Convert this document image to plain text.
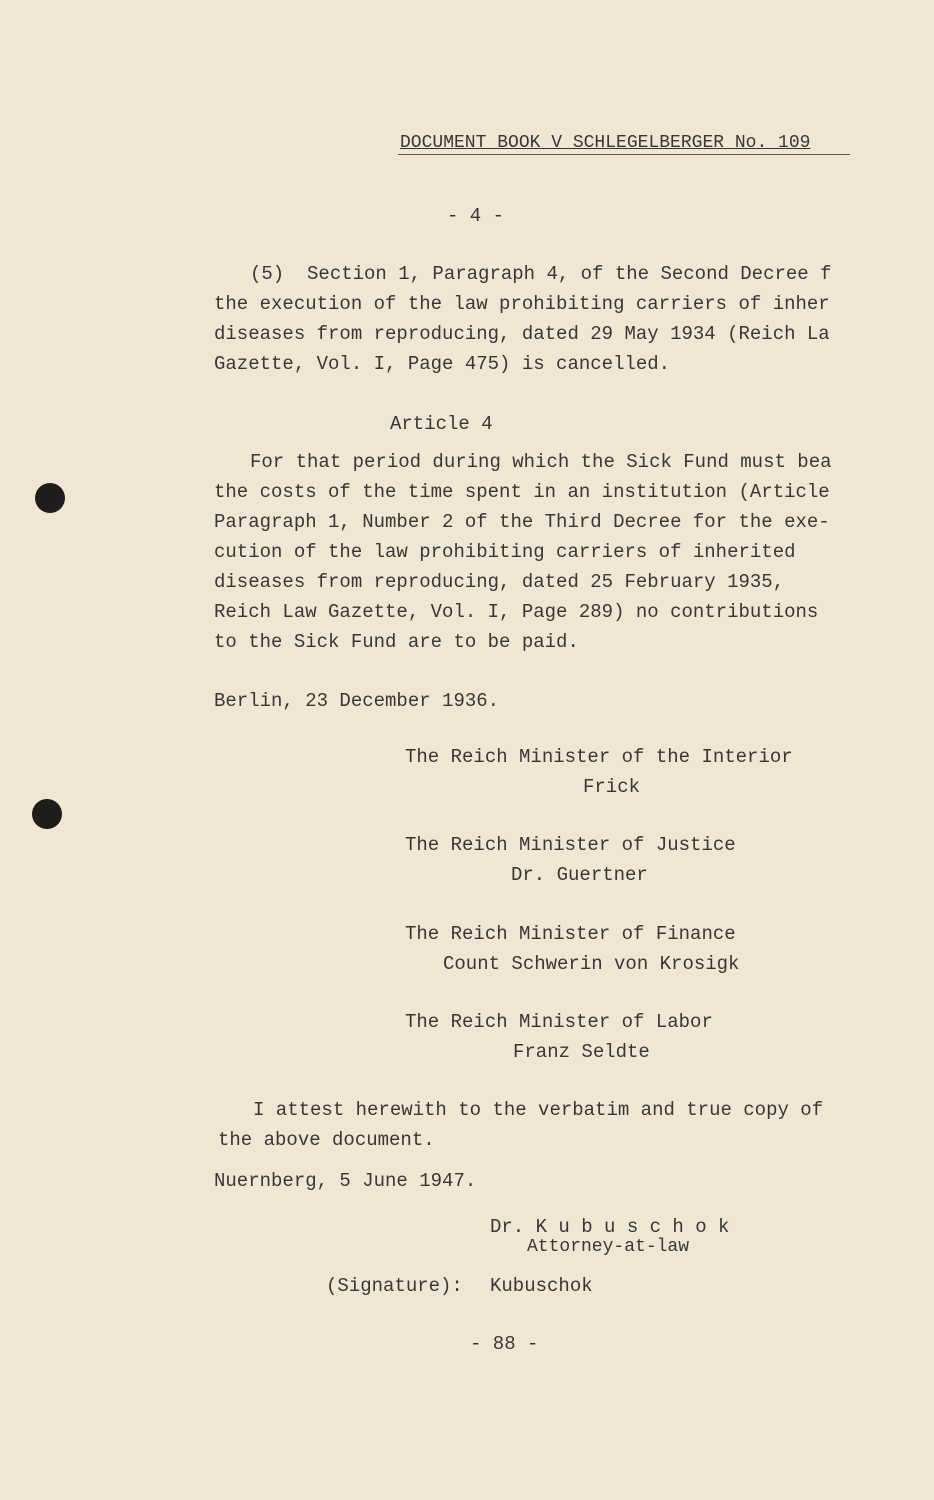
DOCUMENT BOOK V SCHLEGELBERGER No. 109
- 4 -
(5)  Section 1, Paragraph 4, of the Second Decree f
the execution of the law prohibiting carriers of inher
diseases from reproducing, dated 29 May 1934 (Reich La
Gazette, Vol. I, Page 475) is cancelled.
Article 4
For that period during which the Sick Fund must bea
the costs of the time spent in an institution (Article
Paragraph 1, Number 2 of the Third Decree for the exe-
cution of the law prohibiting carriers of inherited
diseases from reproducing, dated 25 February 1935,
Reich Law Gazette, Vol. I, Page 289) no contributions
to the Sick Fund are to be paid.
Berlin, 23 December 1936.
The Reich Minister of the Interior
Frick
The Reich Minister of Justice
Dr. Guertner
The Reich Minister of Finance
Count Schwerin von Krosigk
The Reich Minister of Labor
Franz Seldte
I attest herewith to the verbatim and true copy of
the above document.
Nuernberg, 5 June 1947.
Dr. K u b u s c h o k
Attorney-at-law
(Signature): Kubuschok
- 88 -
